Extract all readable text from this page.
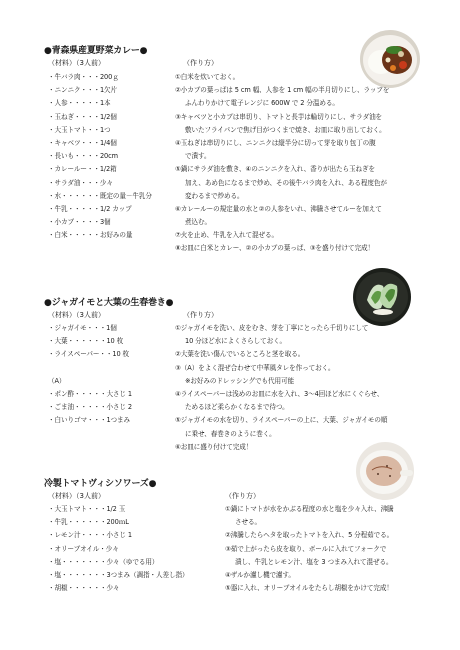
●青森県産夏野菜カレー●
（材料）（3人前）	（作り方）
・牛バラ肉・・・200ｇ
・ニンニク・・・1欠片
・人参・・・・・1本
・玉ねぎ・・・・1/2個
・大玉トマト・・1つ
・キャベツ・・・1/4個
・長いも・・・・20cm
・カレールー・・1/2箱
・サラダ油・・・少々
・水・・・・・・既定の量－牛乳分
・牛乳・・・・・1/2 カップ
・小カブ・・・・3個
・白米・・・・・お好みの量
①白米を炊いておく。
②小カブの葉っぱは 5 cm 幅、人参を 1 cm 幅の半月切りにし、ラップを
ふんわりかけて電子レンジに 600W で 2 分温める。
③キャベツと小カブは串切り、トマトと長芋は輪切りにし、サラダ油を
敷いたフライパンで焦げ目がつくまで焼き、お皿に取り出しておく。
④玉ねぎは串切りにし、ニンニクは縦半分に切って芽を取り包丁の腹
で潰す。
⑤鍋にサラダ油を敷き、④のニンニクを入れ、香りが出たら玉ねぎを
加え、あめ色になるまで炒め、その後牛バラ肉を入れ、ある程度色が
変わるまで炒める。
⑥カレールーの規定量の水と②の人参をいれ、沸騰させてルーを加えて
煮込む。
⑦火を止め、牛乳を入れて混ぜる。
⑧お皿に白米とカレー、②の小カブの葉っぱ、③を盛り付けて完成！
●ジャガイモと大葉の生春巻き●
（材料）（3人前）	（作り方）
・ジャガイモ・・・1個
・大葉・・・・・・10 枚
・ライスペーパー・・10 枚
（A）
・ポン酢・・・・・大さじ 1
・ごま油・・・・・小さじ 2
・白いりゴマ・・・1つまみ
①ジャガイモを洗い、皮をむき、芽を丁寧にとったら千切りにして
10 分ほど水によくさらしておく。
②大葉を洗い傷んでいるところと茎を取る。
③（A）をよく混ぜ合わせて中華風タレを作っておく。
※お好みのドレッシングでも代用可能
④ライスペーパーは浅めのお皿に水を入れ、3～4回ほど水にくぐらせ、
ためるほど柔らかくなるまで待つ。
⑤ジャガイモの水を切り、ライスペーパーの上に、大葉、ジャガイモの順
に乗せ、春巻きのように巻く。
⑥お皿に盛り付けて完成！
冷製トマトヴィシソワーズ●
（材料）（3人前）	（作り方）
・大玉トマト・・・1/2 玉
・牛乳・・・・・・200ｍL
・レモン汁・・・・小さじ 1
・オリーブオイル・少々
・塩・・・・・・・少々（ゆでる用）
・塩・・・・・・・3つまみ（調指・人差し指）
・胡椒・・・・・・少々
①鍋にトマトが水をかぶる程度の水と塩を少々入れ、沸騰
させる。
②沸騰したらヘタを取ったトマトを入れ、5 分程茹でる。
③茹で上がったら皮を取り、ボールに入れてフォークで
潰し、牛乳とレモン汁、塩を 3 つまみ入れて混ぜる。
④ザルか濾し機で濾す。
⑤器に入れ、オリーブオイルをたらし胡椒をかけて完成！
